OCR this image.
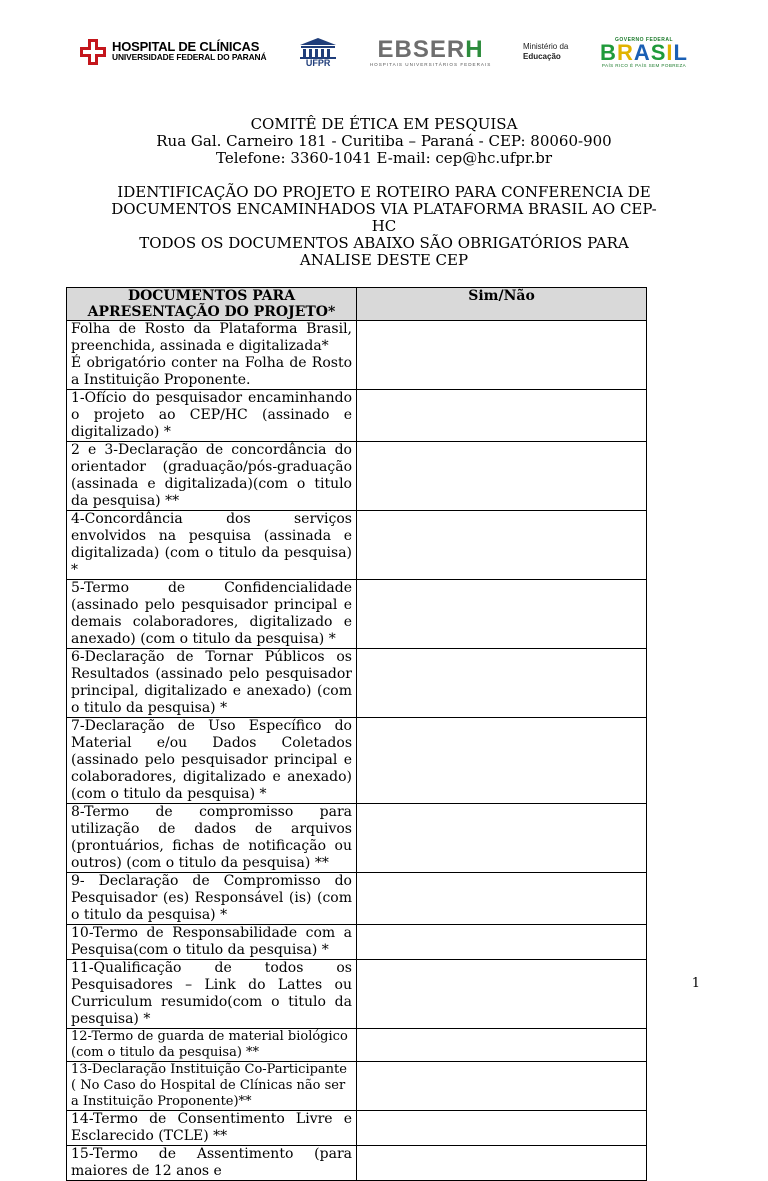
HOSPITAL DE CLÍNICAS
UNIVERSIDADE FEDERAL DO PARANÁ
UFPR EBSERH
HOSPITAIS UNIVERSITÁRIOS FEDERAIS
Ministério da
Educação
GOVERNO FEDERAL
BRASIL
PAÍS RICO É PAÍS SEM POBREZA
COMITÊ DE ÉTICA EM PESQUISA
Rua Gal. Carneiro 181 - Curitiba – Paraná - CEP: 80060-900
Telefone: 3360-1041 E-mail: cep@hc.ufpr.br
IDENTIFICAÇÃO DO PROJETO E ROTEIRO PARA CONFERENCIA DE
DOCUMENTOS ENCAMINHADOS VIA PLATAFORMA BRASIL AO CEP-
HC
TODOS OS DOCUMENTOS ABAIXO SÃO OBRIGATÓRIOS PARA
ANALISE DESTE CEP
DOCUMENTOS PARA APRESENTAÇÃO DO PROJETO*	Sim/Não

Folha de Rosto da Plataforma Brasil, preenchida, assinada e digitalizada*
É obrigatório conter na Folha de Rosto a Instituição Proponente.	

1-Ofício do pesquisador encaminhando o projeto ao CEP/HC (assinado e digitalizado) *	
2 e 3-Declaração de concordância do orientador (graduação/pós-graduação (assinada e digitalizada)(com o titulo da pesquisa) **	
4-Concordância dos serviços envolvidos na pesquisa (assinada e digitalizada) (com o titulo da pesquisa) *	
5-Termo de Confidencialidade (assinado pelo pesquisador principal e demais colaboradores, digitalizado e anexado) (com o titulo da pesquisa) *	
6-Declaração de Tornar Públicos os Resultados (assinado pelo pesquisador principal, digitalizado e anexado) (com o titulo da pesquisa) *	
7-Declaração de Uso Específico do Material e/ou Dados Coletados (assinado pelo pesquisador principal e colaboradores, digitalizado e anexado) (com o titulo da pesquisa) *	
8-Termo de compromisso para utilização de dados de arquivos (prontuários, fichas de notificação ou outros) (com o titulo da pesquisa) **	
9- Declaração de Compromisso do Pesquisador (es) Responsável (is) (com o titulo da pesquisa) *	
10-Termo de Responsabilidade com a Pesquisa(com o titulo da pesquisa) *	
11-Qualificação de todos os Pesquisadores – Link do Lattes ou Curriculum resumido(com o titulo da pesquisa) *	
12-Termo de guarda de material biológico (com o titulo da pesquisa) **	
13-Declaração Instituição Co-Participante ( No Caso do Hospital de Clínicas não ser a Instituição Proponente)**	
14-Termo de Consentimento Livre e Esclarecido (TCLE) **	
15-Termo de Assentimento (para maiores de 12 anos e	
1
